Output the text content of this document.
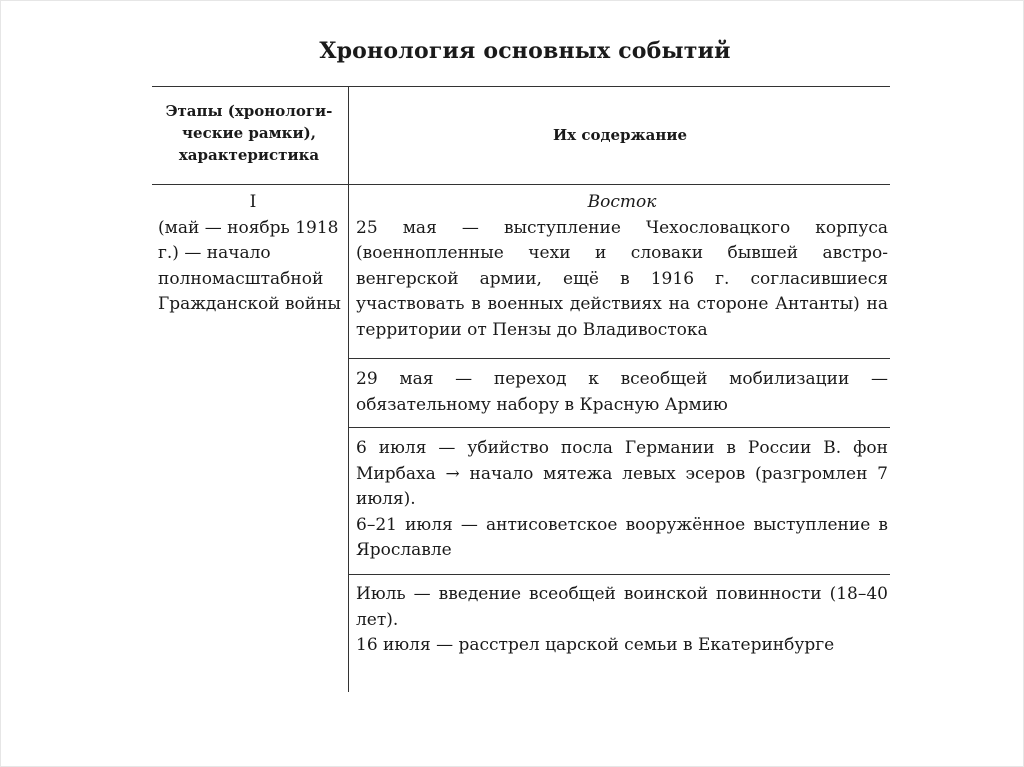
Хронология основных событий
Этапы (хронологи-ческие рамки), характеристика
Их содержание
I
(май — ноябрь 1918 г.) — начало полномасштабной Гражданской войны
Восток

25 мая — выступление Чехословацкого корпуса (военнопленные чехи и словаки бывшей австро-венгерской армии, ещё в 1916 г. согласившиеся участвовать в военных действиях на стороне Антанты) на территории от Пензы до Владивостока

29 мая — переход к всеобщей мобилизации — обязательному набору в Красную Армию

6 июля — убийство посла Германии в России В. фон Мирбаха → начало мятежа левых эсеров (разгромлен 7 июля).

6–21 июля — антисоветское вооружённое выступление в Ярославле

Июль — введение всеобщей воинской повинности (18–40 лет).

16 июля — расстрел царской семьи в Екатеринбурге
